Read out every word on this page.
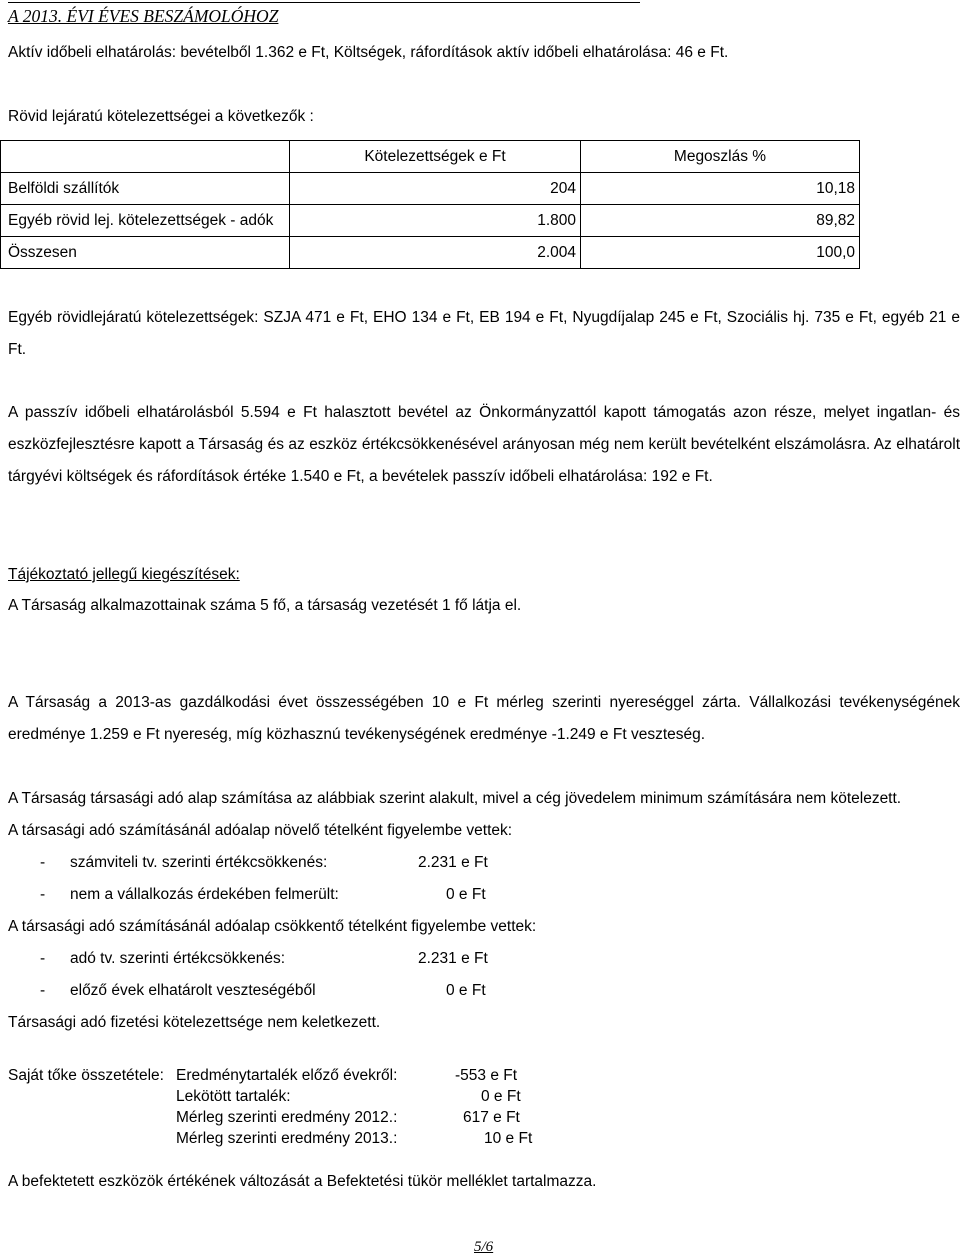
A 2013. ÉVI ÉVES BESZÁMOLÓHOZ
Aktív időbeli elhatárolás: bevételből 1.362 e Ft, Költségek, ráfordítások aktív időbeli elhatárolása: 46 e Ft.
Rövid lejáratú kötelezettségei a következők :
	Kötelezettségek e Ft	Megoszlás %
Belföldi szállítók	204	10,18
Egyéb rövid lej. kötelezettségek - adók	1.800	89,82
Összesen	2.004	100,0
Egyéb rövidlejáratú kötelezettségek: SZJA 471 e Ft, EHO 134 e Ft, EB 194 e Ft, Nyugdíjalap 245 e Ft, Szociális hj. 735 e Ft, egyéb 21 e Ft.
A passzív időbeli elhatárolásból 5.594 e Ft halasztott bevétel az Önkormányzattól kapott támogatás azon része, melyet ingatlan- és eszközfejlesztésre kapott a Társaság és az eszköz értékcsökkenésével arányosan még nem került bevételként elszámolásra. Az elhatárolt tárgyévi költségek és ráfordítások értéke 1.540 e Ft, a bevételek passzív időbeli elhatárolása: 192 e Ft.
Tájékoztató jellegű kiegészítések:
A Társaság alkalmazottainak száma 5 fő, a társaság vezetését 1 fő látja el.
A Társaság a 2013-as gazdálkodási évet összességében 10 e Ft mérleg szerinti nyereséggel zárta. Vállalkozási tevékenységének eredménye 1.259 e Ft nyereség, míg közhasznú tevékenységének eredménye -1.249 e Ft veszteség.
A Társaság társasági adó alap számítása az alábbiak szerint alakult, mivel a cég jövedelem minimum számítására nem kötelezett.
A társasági adó számításánál adóalap növelő tételként figyelembe vettek:
- számviteli tv. szerinti értékcsökkenés:	2.231 e Ft
- nem a vállalkozás érdekében felmerült:	0 e Ft
A társasági adó számításánál adóalap csökkentő tételként figyelembe vettek:
- adó tv. szerinti értékcsökkenés:	2.231 e Ft
- előző évek elhatárolt veszteségéből	0 e Ft
Társasági adó fizetési kötelezettsége nem keletkezett.
Saját tőke összetétele: Eredménytartalék előző évekről:	-553 e Ft
Lekötött tartalék:	0 e Ft
Mérleg szerinti eredmény 2012.:	617 e Ft
Mérleg szerinti eredmény 2013.:	10 e Ft
A befektetett eszközök értékének változását a Befektetési tükör melléklet tartalmazza.
5/6
